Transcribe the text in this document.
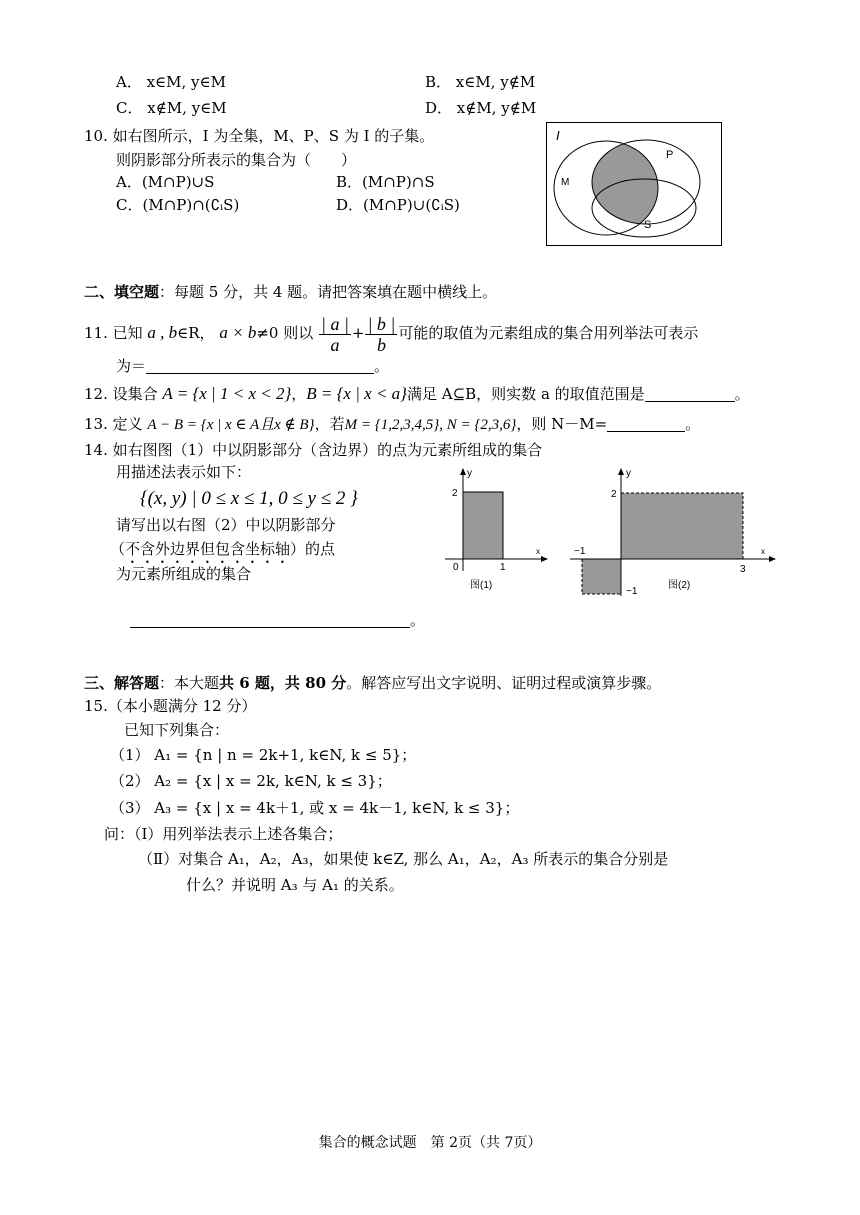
A． x∈M, y∈M	B． x∈M, y∉M
C． x∉M, y∈M	D． x∉M, y∉M
10. 如右图所示，I 为全集，M、P、S 为 I 的子集。
则阴影部分所表示的集合为（　　）
A．(M∩P)∪S	B．(M∩P)∩S
C．(M∩P)∩(∁ᵢS)	D．(M∩P)∪(∁ᵢS)
I
M
P
S
二、填空题：每题 5 分，共 4 题。请把答案填在题中横线上。
11. 已知 a , b∈R， a × b≠0 则以 $\frac{| a |}{a} + \frac{| b |}{b}$ 可能的取值为元素组成的集合用列举法可表示
为＝	。
12. 设集合 A = {x | 1 < x < 2}，B = {x | x < a}满足 A⊆B，则实数 a 的取值范围是	。
13. 定义 A − B = {x | x ∈ A且x ∉ B}，若M = {1,2,3,4,5}, N = {2,3,6}，则 N－M=	。
14. 如右图图（1）中以阴影部分（含边界）的点为元素所组成的集合
用描述法表示如下：
{(x, y) | 0 ≤ x ≤ 1, 0 ≤ y ≤ 2 }
请写出以右图（2）中以阴影部分
（不含外边界但包含坐标轴）的点
为元素所组成的集合
。
y
x
2
0	1
图(1)
y
x
2
−1
3
−1
图(2)
三、解答题：本大题共 6 题，共 80 分。解答应写出文字说明、证明过程或演算步骤。
15.（本小题满分 12 分）
已知下列集合：
（1） A₁ = {n | n = 2k+1, k∈N, k ≤ 5}；
（2） A₂ = {x | x = 2k, k∈N, k ≤ 3}；
（3） A₃ = {x | x = 4k＋1, 或 x = 4k－1, k∈N, k ≤ 3}；
问：（Ⅰ）用列举法表示上述各集合；
（Ⅱ）对集合 A₁，A₂，A₃，如果使 k∈Z, 那么 A₁，A₂，A₃ 所表示的集合分别是
什么？并说明 A₃ 与 A₁ 的关系。
集合的概念试题　第 2页（共 7页）
